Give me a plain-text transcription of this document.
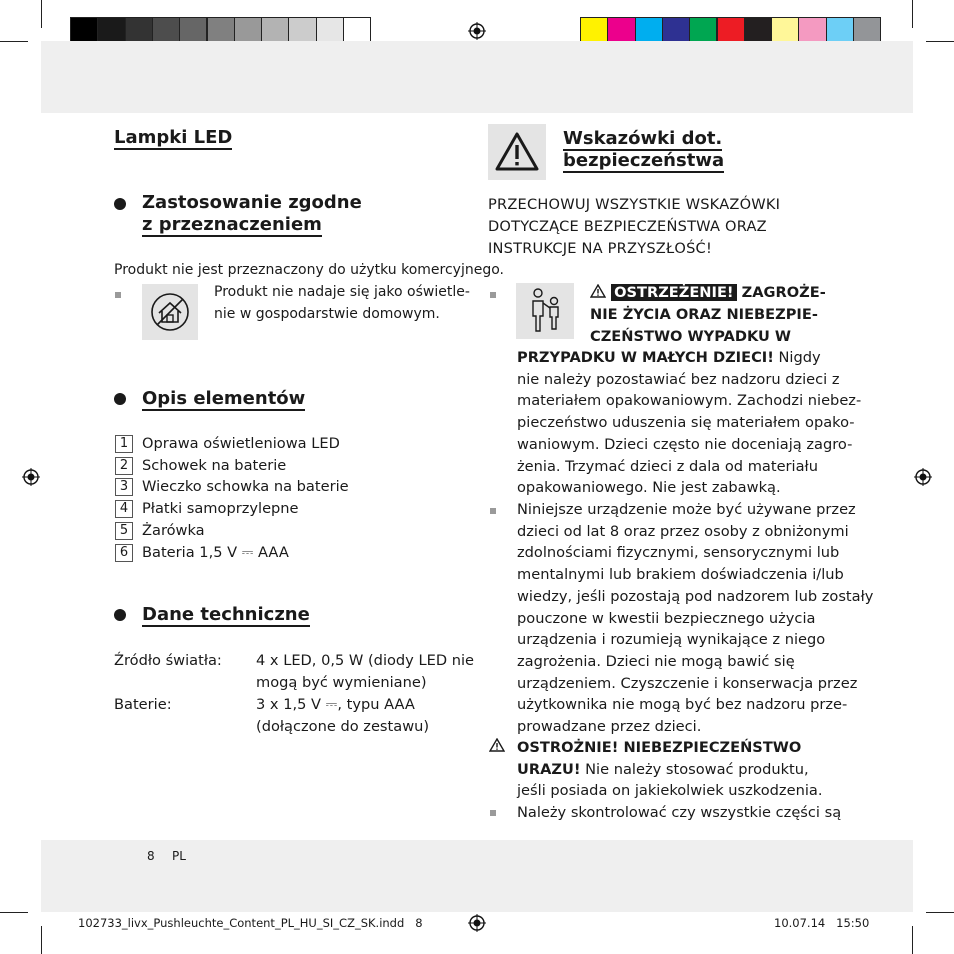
Lampki LED
Zastosowanie zgodne
z przeznaczeniem
Produkt nie jest przeznaczony do użytku komercyjnego.
Produkt nie nadaje się jako oświetle-
nie w gospodarstwie domowym.
Opis elementów
1 Oprawa oświetleniowa LED
2 Schowek na baterie
3 Wieczko schowka na baterie
4 Płatki samoprzylepne
5 Żarówka
6 Bateria 1,5 V ⎓ AAA
Dane techniczne
Źródło światła: 4 x LED, 0,5 W (diody LED nie
mogą być wymieniane)
Baterie:	3 x 1,5 V ⎓, typu AAA
(dołączone do zestawu)
Wskazówki dot.
bezpieczeństwa
PRZECHOWUJ WSZYSTKIE WSKAZÓWKI
DOTYCZĄCE BEZPIECZEŃSTWA ORAZ
INSTRUKCJE NA PRZYSZŁOŚĆ!
OSTRZEŻENIE! ZAGROŻE-
NIE ŻYCIA ORAZ NIEBEZPIE-
CZEŃSTWO WYPADKU W
PRZYPADKU W MAŁYCH DZIECI! Nigdy
nie należy pozostawiać bez nadzoru dzieci z
materiałem opakowaniowym. Zachodzi niebez-
pieczeństwo uduszenia się materiałem opako-
waniowym. Dzieci często nie doceniają zagro-
żenia. Trzymać dzieci z dala od materiału
opakowaniowego. Nie jest zabawką.
Niniejsze urządzenie może być używane przez
dzieci od lat 8 oraz przez osoby z obniżonymi
zdolnościami fizycznymi, sensorycznymi lub
mentalnymi lub brakiem doświadczenia i/lub
wiedzy, jeśli pozostają pod nadzorem lub zostały
pouczone w kwestii bezpiecznego użycia
urządzenia i rozumieją wynikające z niego
zagrożenia. Dzieci nie mogą bawić się
urządzeniem. Czyszczenie i konserwacja przez
użytkownika nie mogą być bez nadzoru prze-
prowadzane przez dzieci.
OSTROŻNIE! NIEBEZPIECZEŃSTWO
URAZU! Nie należy stosować produktu,
jeśli posiada on jakiekolwiek uszkodzenia.
Należy skontrolować czy wszystkie części są
8 PL
102733_livx_Pushleuchte_Content_PL_HU_SI_CZ_SK.indd   8	10.07.14   15:50
